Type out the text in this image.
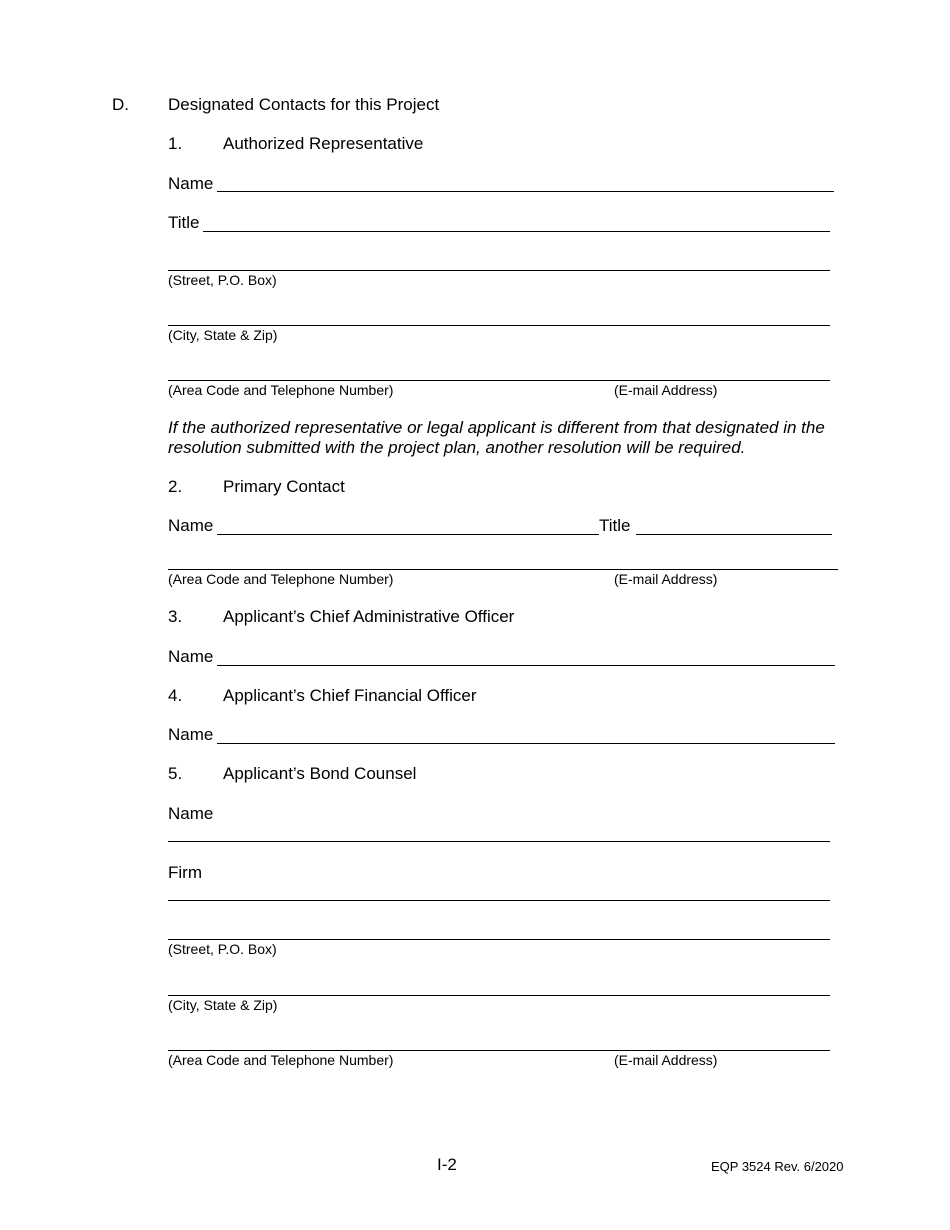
D. Designated Contacts for this Project
1. Authorized Representative
Name
Title
(Street, P.O. Box)
(City, State & Zip)
(Area Code and Telephone Number)	(E-mail Address)
If the authorized representative or legal applicant is different from that designated in the
resolution submitted with the project plan, another resolution will be required.
2. Primary Contact
Name	Title
(Area Code and Telephone Number)	(E-mail Address)
3. Applicant’s Chief Administrative Officer
Name
4. Applicant’s Chief Financial Officer
Name
5. Applicant’s Bond Counsel
Name
Firm
(Street, P.O. Box)
(City, State & Zip)
(Area Code and Telephone Number)	(E-mail Address)
I-2	EQP 3524 Rev. 6/2020
